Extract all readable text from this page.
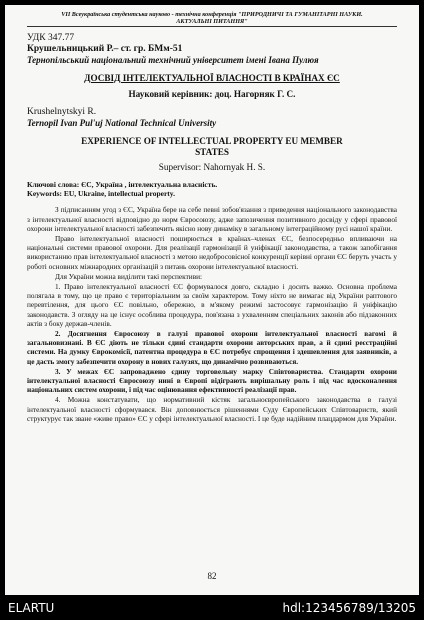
VII Всеукраїнська студентська науково - технічна конференція "ПРИРОДНИЧІ ТА ГУМАНІТАРНІ НАУКИ.
АКТУАЛЬНІ ПИТАННЯ"
УДК 347.77
Крушельницький Р.– ст. гр. БМм-51
Тернопільський національний технічний університет імені Івана Пулюя
ДОСВІД ІНТЕЛЕКТУАЛЬНОЇ ВЛАСНОСТІ В КРАЇНАХ ЄС
Науковий керівник: доц. Нагорняк Г. С.
Krushelnytskyi R.
Ternopil Ivan Pul'uj National Technical University
EXPERIENCE OF INTELLECTUAL PROPERTY EU MEMBER
STATES
Supervisor: Nahornyak H. S.
Ключові слова: ЄС, Україна , інтелектуальна власність.
Keywords: EU, Ukraine, intellectual property.

З підписанням угод з ЄС, Україна бере на себе певні зобов'язання з приведення національного законодавства з інтелектуальної власності відповідно до норм Євросоюзу, адже запозичення позитивного досвіду у сфері правової охорони інтелектуальної власності забезпечить якісно нову динаміку в загальному інтеграційному русі нашої країни.

Право інтелектуальної власності поширюється в країнах–членах ЄС, безпосередньо впливаючи на національні системи правової охорони. Для реалізації гармонізації й уніфікації законодавства, а також запобігання використанню прав інтелектуальної власності з метою недобросовісної конкуренції керівні органи ЄС беруть участь у роботі основних міжнародних організацій з питань охорони інтелектуальної власності.

Для України можна виділити такі перспективи:

1. Право інтелектуальної власності ЄС формувалося довго, складно і досить важко. Основна проблема полягала в тому, що це право є територіальним за своїм характером. Тому ніхто не вимагає від України раптового перевтілення, для цього ЄС повільно, обережно, в м'якому режимі застосовує гармонізацію й уніфікацію законодавств. З огляду на це існує особлива процедура, пов'язана з ухваленням спеціальних законів або підзаконних актів з боку держав-членів.

2. Досягнення Євросоюзу в галузі правової охорони інтелектуальної власності вагомі й загальновизнані. В ЄС діють не тільки єдині стандарти охорони авторських прав, а й єдині реєстраційні системи. На думку Єврокомісії, патентна процедура в ЄС потребує спрощення і здешевлення для заявників, а це дасть змогу забезпечити охорону в нових галузях, що динамічно розвиваються.

3. У межах ЄС запроваджено єдину торговельну марку Співтовариства. Стандарти охорони інтелектуальної власності Євросоюзу нині в Європі відіграють вирішальну роль і під час вдосконалення національних систем охорони, і під час оцінювання ефективності реалізації прав.

4. Можна констатувати, що нормативний кістяк загальноєвропейського законодавства в галузі інтелектуальної власності сформувався. Він доповнюється рішеннями Суду Європейських Співтовариств, який структурує так зване «живе право» ЄС у сфері інтелектуальної власності. І це буде надійним плацдармом для України.

82
ELARTU	hdl:123456789/13205
